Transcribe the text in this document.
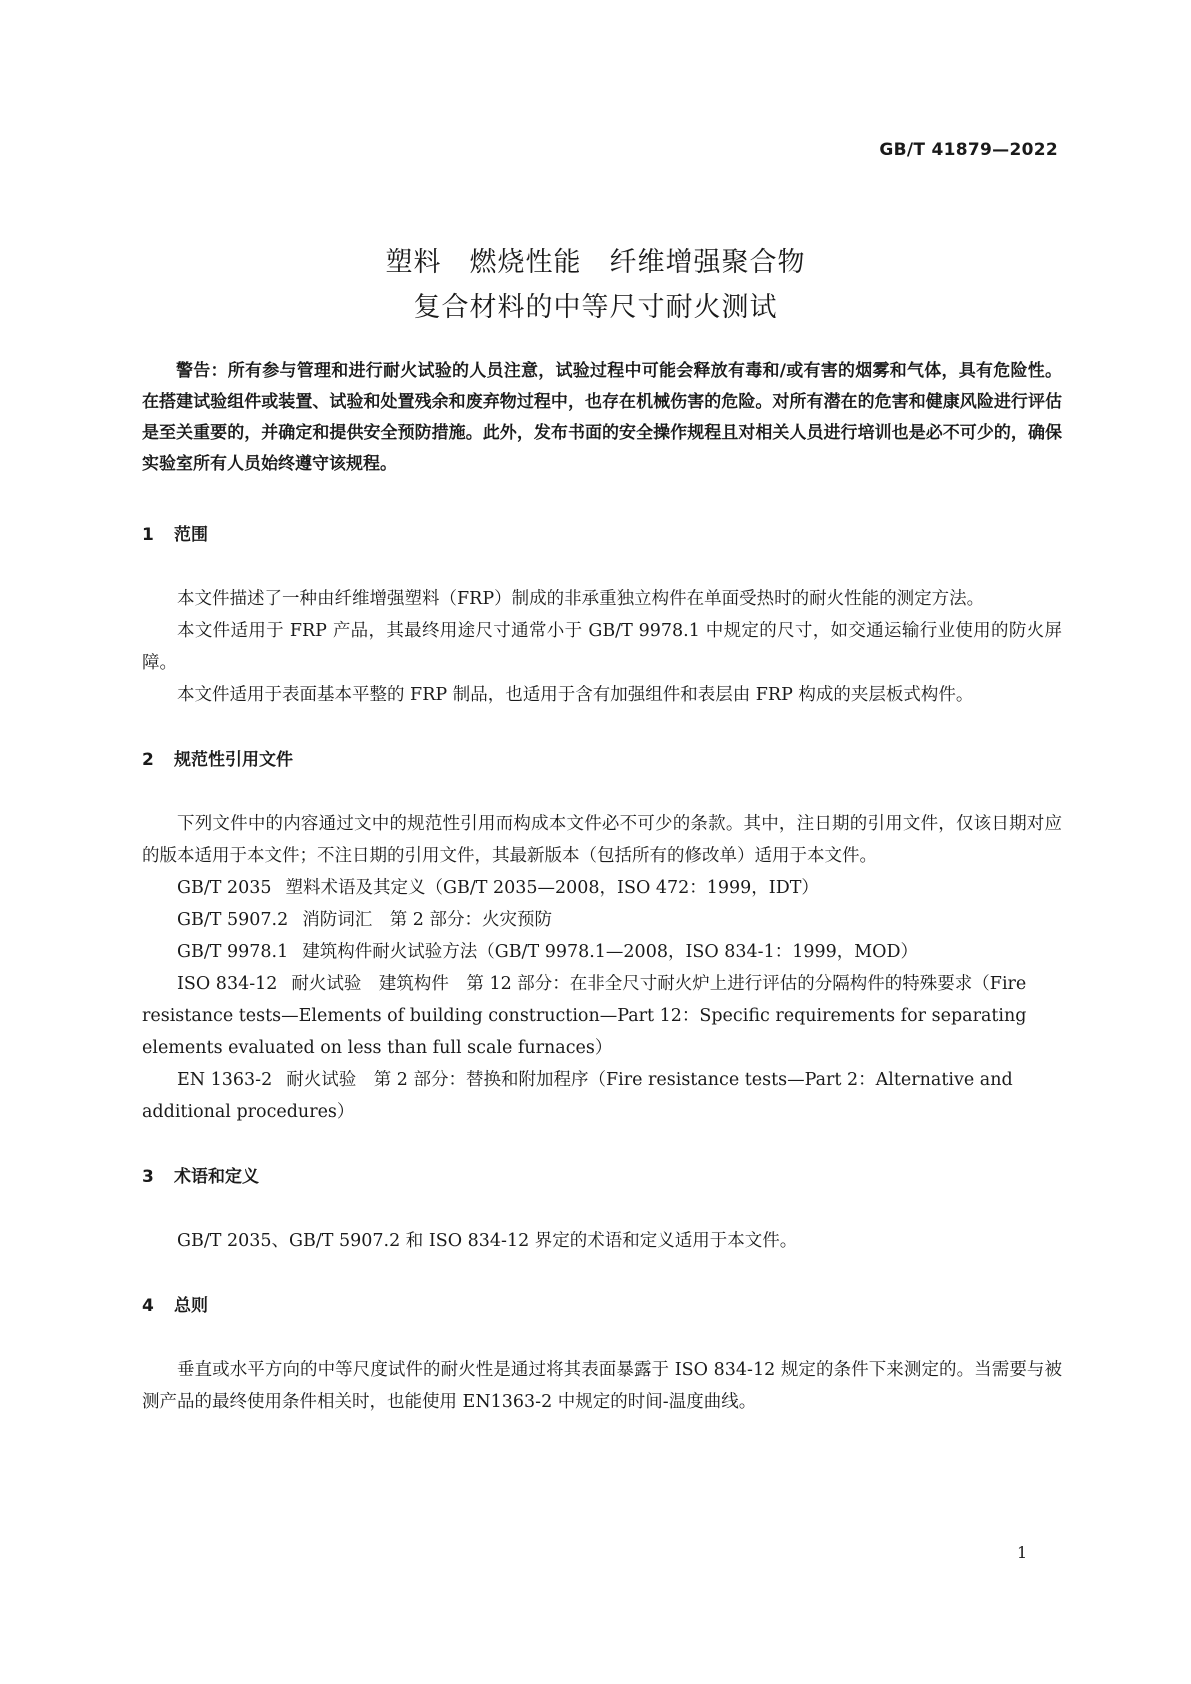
GB/T 41879—2022
塑料　燃烧性能　纤维增强聚合物
复合材料的中等尺寸耐火测试

警告：所有参与管理和进行耐火试验的人员注意，试验过程中可能会释放有毒和/或有害的烟雾和气体，具有危险性。在搭建试验组件或装置、试验和处置残余和废弃物过程中，也存在机械伤害的危险。对所有潜在的危害和健康风险进行评估是至关重要的，并确定和提供安全预防措施。此外，发布书面的安全操作规程且对相关人员进行培训也是必不可少的，确保实验室所有人员始终遵守该规程。

1 范围

本文件描述了一种由纤维增强塑料（FRP）制成的非承重独立构件在单面受热时的耐火性能的测定方法。

本文件适用于 FRP 产品，其最终用途尺寸通常小于 GB/T 9978.1 中规定的尺寸，如交通运输行业使用的防火屏障。

本文件适用于表面基本平整的 FRP 制品，也适用于含有加强组件和表层由 FRP 构成的夹层板式构件。

2 规范性引用文件

下列文件中的内容通过文中的规范性引用而构成本文件必不可少的条款。其中，注日期的引用文件，仅该日期对应的版本适用于本文件；不注日期的引用文件，其最新版本（包括所有的修改单）适用于本文件。

GB/T 2035 塑料术语及其定义（GB/T 2035—2008，ISO 472：1999，IDT）

GB/T 5907.2 消防词汇　第 2 部分：火灾预防

GB/T 9978.1 建筑构件耐火试验方法（GB/T 9978.1—2008，ISO 834-1：1999，MOD）

ISO 834-12 耐火试验　建筑构件　第 12 部分：在非全尺寸耐火炉上进行评估的分隔构件的特殊要求（Fire resistance tests—Elements of building construction—Part 12：Specific requirements for separating elements evaluated on less than full scale furnaces）

EN 1363-2 耐火试验　第 2 部分：替换和附加程序（Fire resistance tests—Part 2：Alternative and additional procedures）

3 术语和定义

GB/T 2035、GB/T 5907.2 和 ISO 834-12 界定的术语和定义适用于本文件。

4 总则

垂直或水平方向的中等尺度试件的耐火性是通过将其表面暴露于 ISO 834-12 规定的条件下来测定的。当需要与被测产品的最终使用条件相关时，也能使用 EN1363-2 中规定的时间-温度曲线。

1
